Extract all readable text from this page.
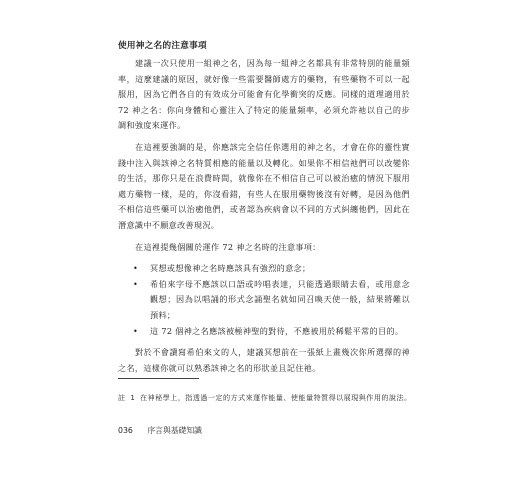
使用神之名的注意事項

建議一次只使用一組神之名，因為每一組神之名都具有非常特別的能量頻率，這麼建議的原因，就好像一些需要醫師處方的藥物，有些藥物不可以一起服用，因為它們各自的有效成分可能會有化學衝突的反應。同樣的道理適用於 72 神之名：你向身體和心靈注入了特定的能量頻率，必須允許祂以自己的步調和強度來運作。

在這裡要強調的是，你應該完全信任你選用的神之名，才會在你的靈性實踐中注入與該神之名特質相應的能量以及轉化。如果你不相信祂們可以改變你的生活，那你只是在浪費時間，就像你在不相信自己可以被治癒的情況下服用處方藥物一樣，是的，你沒看錯，有些人在服用藥物後沒有好轉，是因為他們不相信這些藥可以治癒他們，或者認為疾病會以不同的方式糾纏他們，因此在潛意識中不願意改善現況。

在這裡提幾個關於運作 72 神之名時的注意事項：

• 冥想或想像神之名時應該具有強烈的意念；
• 希伯來字母不應該以口語或吟唱表達，只能透過眼睛去看，或用意念觀想；因為以唱誦的形式念誦聖名就如同召喚天使一般，結果將難以預料；
• 這 72 個神之名應該被極神聖的對待，不應被用於稀鬆平常的目的。

對於不會讀寫希伯來文的人，建議冥想前在一張紙上畫幾次你所選擇的神之名，這樣你就可以熟悉該神之名的形狀並且記住祂。

註 1 在神秘學上，指透過一定的方式來運作能量、使能量特質得以展現與作用的說法。
036 序言與基礎知識
